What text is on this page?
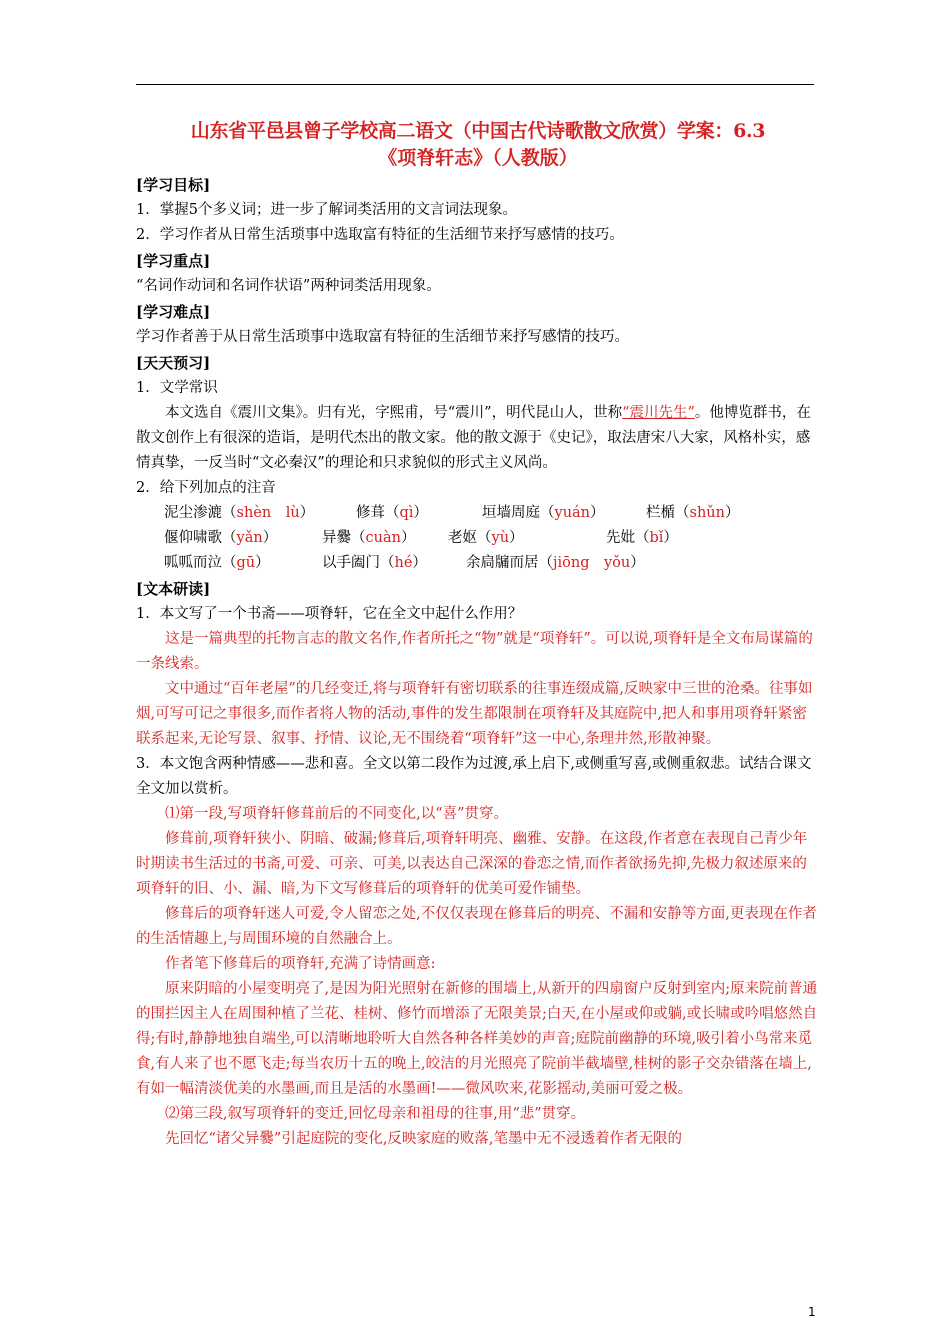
山东省平邑县曾子学校高二语文（中国古代诗歌散文欣赏）学案：6.3
《项脊轩志》（人教版）
[学习目标]
1．掌握5个多义词；进一步了解词类活用的文言词法现象。
2．学习作者从日常生活琐事中选取富有特征的生活细节来抒写感情的技巧。
[学习重点]
“名词作动词和名词作状语”两种词类活用现象。
[学习难点]
学习作者善于从日常生活琐事中选取富有特征的生活细节来抒写感情的技巧。
[天天预习]
1．文学常识
本文选自《震川文集》。归有光，字熙甫，号“震川”，明代昆山人，世称“震川先生”。他博览群书，在散文创作上有很深的造诣，是明代杰出的散文家。他的散文源于《史记》，取法唐宋八大家，风格朴实，感情真挚，一反当时“文必秦汉”的理论和只求貌似的形式主义风尚。
2．给下列加点的注音
泥尘渗漉（shèn　lù）	修葺（qì）	垣墙周庭（yuán）	栏楯（shǔn）
偃仰啸歌（yǎn）	异爨（cuàn）	老妪（yù）	先妣（bǐ）
呱呱而泣（gū）	以手阖门（hé）	余扃牖而居（jiōng　yǒu）
[文本研读]
1．本文写了一个书斋——项脊轩，它在全文中起什么作用？
这是一篇典型的托物言志的散文名作,作者所托之“物”就是“项脊轩”。可以说,项脊轩是全文布局谋篇的一条线索。
文中通过“百年老屋”的几经变迁,将与项脊轩有密切联系的往事连缀成篇,反映家中三世的沧桑。往事如烟,可写可记之事很多,而作者将人物的活动,事件的发生都限制在项脊轩及其庭院中,把人和事用项脊轩紧密联系起来,无论写景、叙事、抒情、议论,无不围绕着“项脊轩”这一中心,条理井然,形散神聚。
3．本文饱含两种情感——悲和喜。全文以第二段作为过渡,承上启下,或侧重写喜,或侧重叙悲。试结合课文全文加以赏析。
⑴第一段,写项脊轩修葺前后的不同变化,以“喜”贯穿。
修葺前,项脊轩狭小、阴暗、破漏;修葺后,项脊轩明亮、幽雅、安静。在这段,作者意在表现自己青少年时期读书生活过的书斋,可爱、可亲、可美,以表达自己深深的眷恋之情,而作者欲扬先抑,先极力叙述原来的项脊轩的旧、小、漏、暗,为下文写修葺后的项脊轩的优美可爱作铺垫。
修葺后的项脊轩迷人可爱,令人留恋之处,不仅仅表现在修葺后的明亮、不漏和安静等方面,更表现在作者的生活情趣上,与周围环境的自然融合上。
作者笔下修葺后的项脊轩,充满了诗情画意:
原来阴暗的小屋变明亮了,是因为阳光照射在新修的围墙上,从新开的四扇窗户反射到室内;原来院前普通的围拦因主人在周围种植了兰花、桂树、修竹而增添了无限美景;白天,在小屋或仰或躺,或长啸或吟唱悠然自得;有时,静静地独自端坐,可以清晰地聆听大自然各种各样美妙的声音;庭院前幽静的环境,吸引着小鸟常来觅食,有人来了也不愿飞走;每当农历十五的晚上,皎洁的月光照亮了院前半截墙壁,桂树的影子交杂错落在墙上,有如一幅清淡优美的水墨画,而且是活的水墨画!——微风吹来,花影摇动,美丽可爱之极。
⑵第三段,叙写项脊轩的变迁,回忆母亲和祖母的往事,用“悲”贯穿。
先回忆“诸父异爨”引起庭院的变化,反映家庭的败落,笔墨中无不浸透着作者无限的
1
